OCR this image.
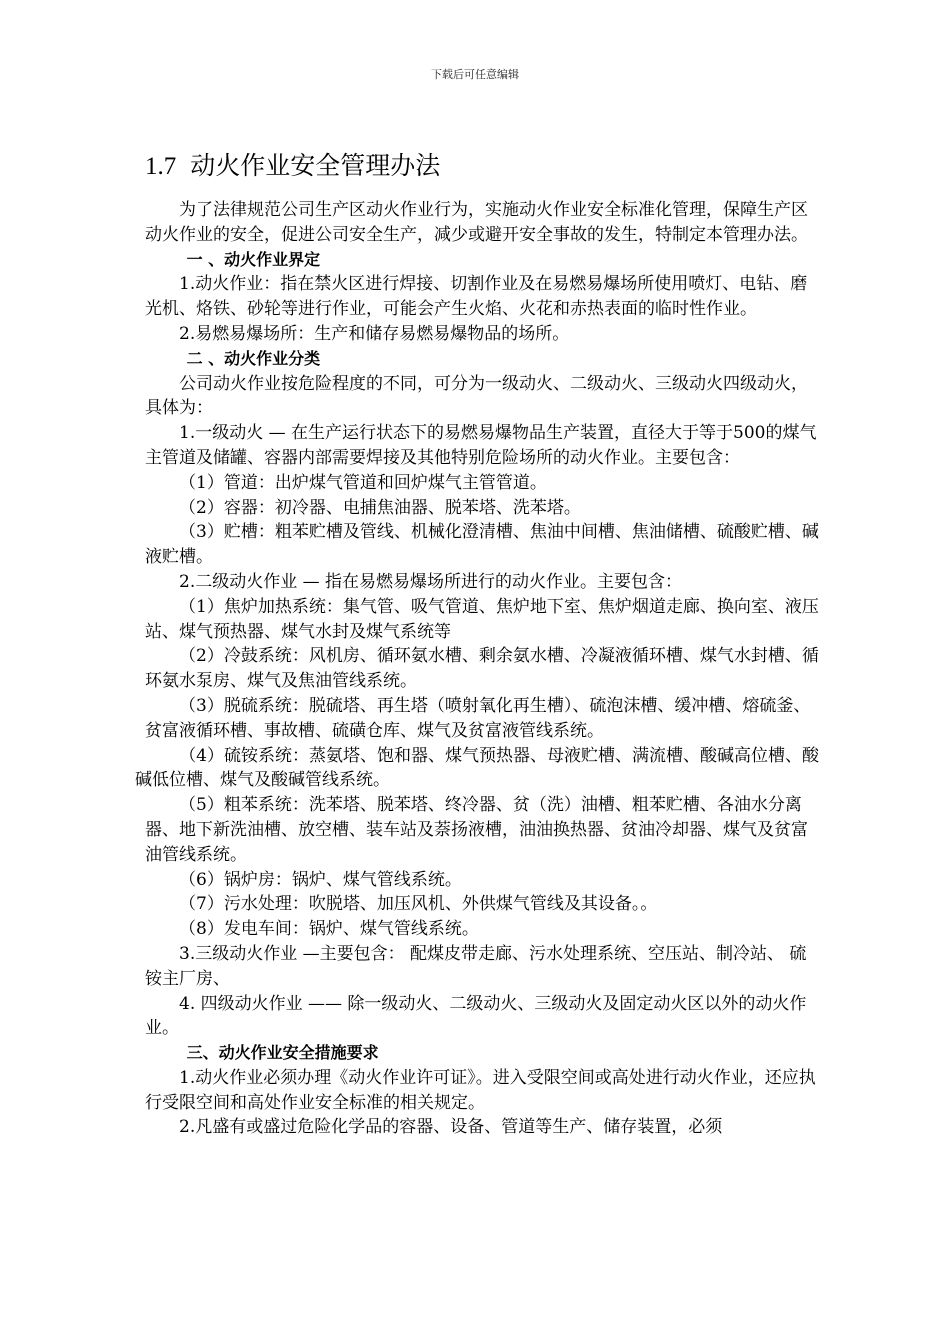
下载后可任意编辑
1.7 动火作业安全管理办法

为了法律规范公司生产区动火作业行为，实施动火作业安全标准化管理，保障生产区动火作业的安全，促进公司安全生产，减少或避开安全事故的发生，特制定本管理办法。

一 、动火作业界定

1.动火作业：指在禁火区进行焊接、切割作业及在易燃易爆场所使用喷灯、电钻、磨光机、烙铁、砂轮等进行作业，可能会产生火焰、火花和赤热表面的临时性作业。

2.易燃易爆场所：生产和储存易燃易爆物品的场所。

二 、动火作业分类

公司动火作业按危险程度的不同，可分为一级动火、二级动火、三级动火四级动火，具体为：

1.一级动火 — 在生产运行状态下的易燃易爆物品生产装置，直径大于等于500的煤气主管道及储罐、容器内部需要焊接及其他特别危险场所的动火作业。主要包含：

（1）管道：出炉煤气管道和回炉煤气主管管道。

（2）容器：初冷器、电捕焦油器、脱苯塔、洗苯塔。

（3）贮槽：粗苯贮槽及管线、机械化澄清槽、焦油中间槽、焦油储槽、硫酸贮槽、碱液贮槽。

2.二级动火作业 — 指在易燃易爆场所进行的动火作业。主要包含：

（1）焦炉加热系统：集气管、吸气管道、焦炉地下室、焦炉烟道走廊、换向室、液压站、煤气预热器、煤气水封及煤气系统等

（2）冷鼓系统：风机房、循环氨水槽、剩余氨水槽、冷凝液循环槽、煤气水封槽、循环氨水泵房、煤气及焦油管线系统。

（3）脱硫系统：脱硫塔、再生塔（喷射氧化再生槽）、硫泡沫槽、缓冲槽、熔硫釜、贫富液循环槽、事故槽、硫磺仓库、煤气及贫富液管线系统。

（4）硫铵系统：蒸氨塔、饱和器、煤气预热器、母液贮槽、满流槽、酸碱高位槽、酸碱低位槽、煤气及酸碱管线系统。

（5）粗苯系统：洗苯塔、脱苯塔、终冷器、贫（洗）油槽、粗苯贮槽、各油水分离器、地下新洗油槽、放空槽、装车站及萘扬液槽，油油换热器、贫油冷却器、煤气及贫富油管线系统。

（6）锅炉房：锅炉、煤气管线系统。

（7）污水处理：吹脱塔、加压风机、外供煤气管线及其设备。。

（8）发电车间：锅炉、煤气管线系统。

3.三级动火作业 —主要包含： 配煤皮带走廊、污水处理系统、空压站、制冷站、 硫铵主厂房、

4. 四级动火作业 —— 除一级动火、二级动火、三级动火及固定动火区以外的动火作业。

三、动火作业安全措施要求

1.动火作业必须办理《动火作业许可证》。进入受限空间或高处进行动火作业，还应执行受限空间和高处作业安全标准的相关规定。

2.凡盛有或盛过危险化学品的容器、设备、管道等生产、储存装置，必须
